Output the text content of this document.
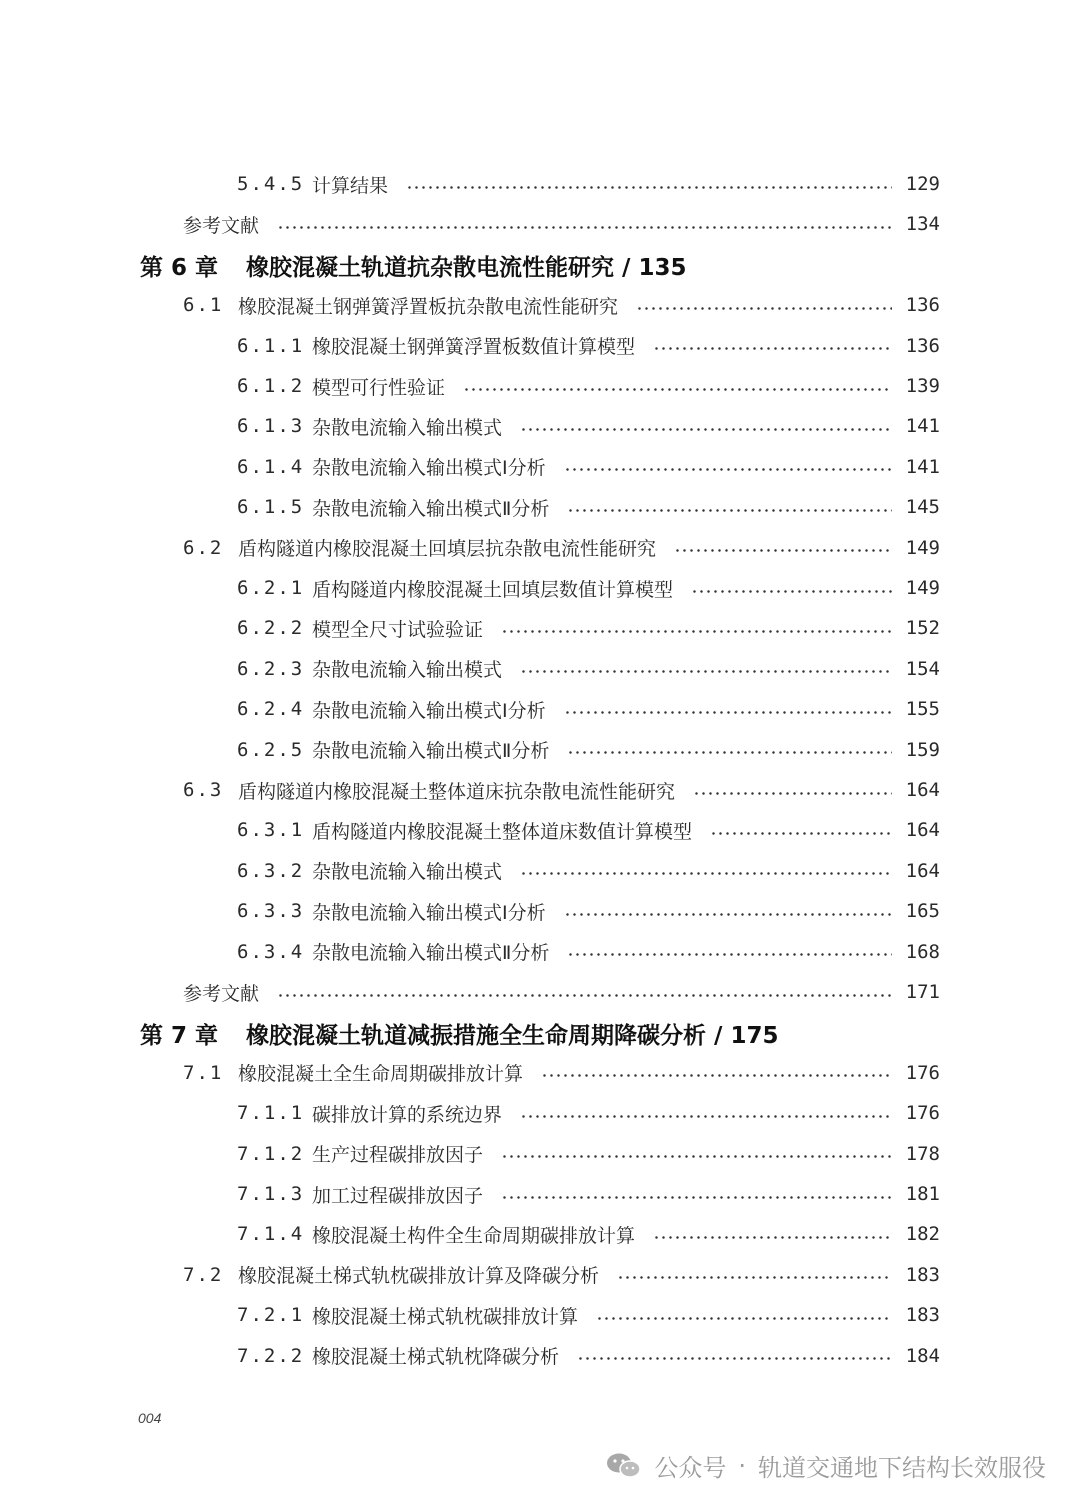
5.4.5 计算结果	129
参考文献	134
第 6 章 橡胶混凝土轨道抗杂散电流性能研究 / 135
6.1 橡胶混凝土钢弹簧浮置板抗杂散电流性能研究	136
6.1.1 橡胶混凝土钢弹簧浮置板数值计算模型	136
6.1.2 模型可行性验证	139
6.1.3 杂散电流输入输出模式	141
6.1.4 杂散电流输入输出模式Ⅰ分析	141
6.1.5 杂散电流输入输出模式Ⅱ分析	145
6.2 盾构隧道内橡胶混凝土回填层抗杂散电流性能研究	149
6.2.1 盾构隧道内橡胶混凝土回填层数值计算模型	149
6.2.2 模型全尺寸试验验证	152
6.2.3 杂散电流输入输出模式	154
6.2.4 杂散电流输入输出模式Ⅰ分析	155
6.2.5 杂散电流输入输出模式Ⅱ分析	159
6.3 盾构隧道内橡胶混凝土整体道床抗杂散电流性能研究	164
6.3.1 盾构隧道内橡胶混凝土整体道床数值计算模型	164
6.3.2 杂散电流输入输出模式	164
6.3.3 杂散电流输入输出模式Ⅰ分析	165
6.3.4 杂散电流输入输出模式Ⅱ分析	168
参考文献	171
第 7 章 橡胶混凝土轨道减振措施全生命周期降碳分析 / 175
7.1 橡胶混凝土全生命周期碳排放计算	176
7.1.1 碳排放计算的系统边界	176
7.1.2 生产过程碳排放因子	178
7.1.3 加工过程碳排放因子	181
7.1.4 橡胶混凝土构件全生命周期碳排放计算	182
7.2 橡胶混凝土梯式轨枕碳排放计算及降碳分析	183
7.2.1 橡胶混凝土梯式轨枕碳排放计算	183
7.2.2 橡胶混凝土梯式轨枕降碳分析	184
004
公众号 · 轨道交通地下结构长效服役
